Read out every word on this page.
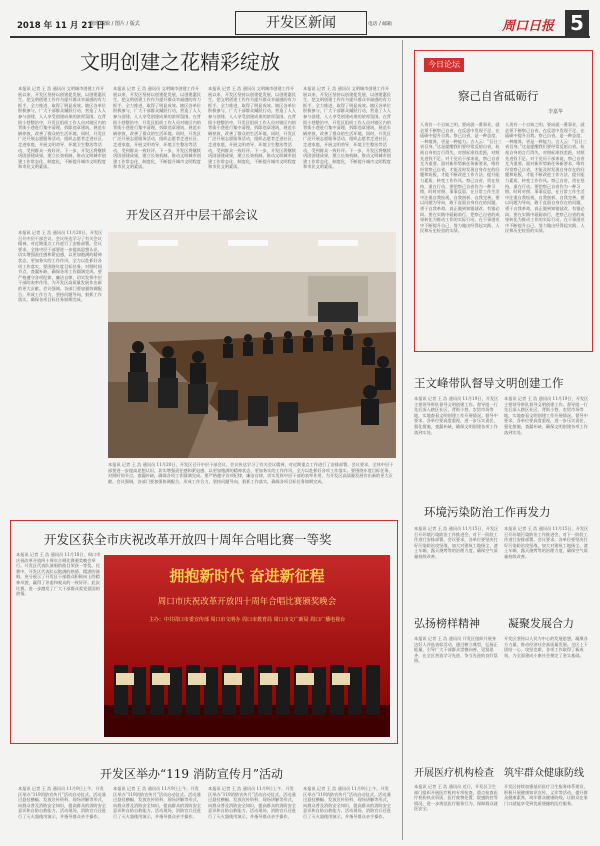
2018 年 11 月 21 日
值班编辑 / 图片 / 版式	开发区新闻	电话 / 邮箱	周口日报 5
文明创建之花精彩绽放
本报讯 记者 王 浩 通讯员 文明城市创建工作开展以来，开发区坚持以创建促发展，以创建惠民生，把文明创建工作作为提升群众幸福感的有力抓手，全力推进，取得了明显成效。辖区各单位积极参与，广大干部群众踊跃行动，营造了人人参与创建、人人享受创建成果的浓厚氛围。在背街小巷整治中，开发区组织工作人员对辖区内的背街小巷进行集中清理，拆除违章建筑，规范车辆停放，改善了群众的生活环境。同时，开发区广泛开展志愿服务活动，组织志愿者走进社区、走进家庭，开展文明劝导、环境卫生整治等活动，受到群众一致好评。下一步，开发区将继续巩固创建成果，建立长效机制，推动文明城市创建工作常态化、制度化，不断提升城市文明程度和市民文明素质。
本报讯 记者 王 浩 通讯员 文明城市创建工作开展以来，开发区坚持以创建促发展，以创建惠民生，把文明创建工作作为提升群众幸福感的有力抓手，全力推进，取得了明显成效。辖区各单位积极参与，广大干部群众踊跃行动，营造了人人参与创建、人人享受创建成果的浓厚氛围。在背街小巷整治中，开发区组织工作人员对辖区内的背街小巷进行集中清理，拆除违章建筑，规范车辆停放，改善了群众的生活环境。同时，开发区广泛开展志愿服务活动，组织志愿者走进社区、走进家庭，开展文明劝导、环境卫生整治等活动，受到群众一致好评。下一步，开发区将继续巩固创建成果，建立长效机制，推动文明城市创建工作常态化、制度化，不断提升城市文明程度和市民文明素质。
本报讯 记者 王 浩 通讯员 文明城市创建工作开展以来，开发区坚持以创建促发展，以创建惠民生，把文明创建工作作为提升群众幸福感的有力抓手，全力推进，取得了明显成效。辖区各单位积极参与，广大干部群众踊跃行动，营造了人人参与创建、人人享受创建成果的浓厚氛围。在背街小巷整治中，开发区组织工作人员对辖区内的背街小巷进行集中清理，拆除违章建筑，规范车辆停放，改善了群众的生活环境。同时，开发区广泛开展志愿服务活动，组织志愿者走进社区、走进家庭，开展文明劝导、环境卫生整治等活动，受到群众一致好评。下一步，开发区将继续巩固创建成果，建立长效机制，推动文明城市创建工作常态化、制度化，不断提升城市文明程度和市民文明素质。
本报讯 记者 王 浩 通讯员 文明城市创建工作开展以来，开发区坚持以创建促发展，以创建惠民生，把文明创建工作作为提升群众幸福感的有力抓手，全力推进，取得了明显成效。辖区各单位积极参与，广大干部群众踊跃行动，营造了人人参与创建、人人享受创建成果的浓厚氛围。在背街小巷整治中，开发区组织工作人员对辖区内的背街小巷进行集中清理，拆除违章建筑，规范车辆停放，改善了群众的生活环境。同时，开发区广泛开展志愿服务活动，组织志愿者走进社区、走进家庭，开展文明劝导、环境卫生整治等活动，受到群众一致好评。下一步，开发区将继续巩固创建成果，建立长效机制，推动文明城市创建工作常态化、制度化，不断提升城市文明程度和市民文明素质。
开发区召开中层干部会议
本报讯 记者 王 浩 通讯员 11月20日，开发区召开中层干部会议。会议传达学习了有关会议精神，对近期重点工作进行了安排部署。会议要求，全体中层干部要进一步提高思想认识，切实增强责任感和紧迫感，以更加饱满的精神状态、更加务实的工作作风，全力以赴抓好各项工作落实。要围绕年度目标任务，对照时间节点，查漏补缺，确保各项工作圆满完成。要严格遵守各项纪律，廉洁自律，切实发挥中层干部的表率作用，为开发区高质量发展作出新的更大贡献。会议强调，各部门要加强协调配合，形成工作合力，坚持问题导向，狠抓工作落实，确保各项目标任务如期完成。
本报讯 记者 王 浩 通讯员 11月20日，开发区召开中层干部会议。会议传达学习了有关会议精神，对近期重点工作进行了安排部署。会议要求，全体中层干部要进一步提高思想认识，切实增强责任感和紧迫感，以更加饱满的精神状态、更加务实的工作作风，全力以赴抓好各项工作落实。要围绕年度目标任务，对照时间节点，查漏补缺，确保各项工作圆满完成。要严格遵守各项纪律，廉洁自律，切实发挥中层干部的表率作用，为开发区高质量发展作出新的更大贡献。会议强调，各部门要加强协调配合，形成工作合力，坚持问题导向，狠抓工作落实，确保各项目标任务如期完成。
开发区获全市庆祝改革开放四十周年合唱比赛一等奖
本报讯 记者 王 浩 通讯员 11月18日，周口市庆祝改革开放四十周年合唱比赛颁奖晚会举行。开发区代表队演唱的曲目荣获一等奖。比赛中，开发区代表队以饱满的热情、精湛的演唱，充分展示了开发区干部群众积极向上的精神风貌，赢得了评委和观众的一致好评。此次比赛，进一步激发了广大干部群众爱党爱国的热情。
拥抱新时代 奋进新征程
周口市庆祝改革开放四十周年合唱比赛颁奖晚会
主办：中共周口市委宣传部 周口市文明办 周口市教育局 周口市文广新局 周口广播电视台
开发区举办“119 消防宣传月”活动
本报讯 记者 王 浩 通讯员 11月9日上午，开发区举办“119消防宣传月”活动启动仪式。活动通过悬挂横幅、发放宣传资料、现场讲解等形式，向群众普及消防安全知识，提高群众的消防安全意识和自防自救能力。活动现场，消防官兵还进行了灭火器使用演示，并指导群众亲手操作。
本报讯 记者 王 浩 通讯员 11月9日上午，开发区举办“119消防宣传月”活动启动仪式。活动通过悬挂横幅、发放宣传资料、现场讲解等形式，向群众普及消防安全知识，提高群众的消防安全意识和自防自救能力。活动现场，消防官兵还进行了灭火器使用演示，并指导群众亲手操作。
本报讯 记者 王 浩 通讯员 11月9日上午，开发区举办“119消防宣传月”活动启动仪式。活动通过悬挂横幅、发放宣传资料、现场讲解等形式，向群众普及消防安全知识，提高群众的消防安全意识和自防自救能力。活动现场，消防官兵还进行了灭火器使用演示，并指导群众亲手操作。
本报讯 记者 王 浩 通讯员 11月9日上午，开发区举办“119消防宣传月”活动启动仪式。活动通过悬挂横幅、发放宣传资料、现场讲解等形式，向群众普及消防安全知识，提高群众的消防安全意识和自防自救能力。活动现场，消防官兵还进行了灭火器使用演示，并指导群众亲手操作。
今日论坛
察己自省砥砺行
李嘉华
人贵有一个自知之明。要成就一番事业，就必须不断察己自省，在反思中发现不足、在砥砺中提升自我。察己自省，是一种态度、一种境界，更是一种能力。古人云：“吾日三省吾身。”这是提醒我们要经常反躬自省，检视自身的言行得失，对照标准找差距，对照先进找不足。对于党员干部来说，察己自省尤为重要。面对新形势新任务新要求，唯有经常察己自省，才能及时发现自身存在的问题和短板，才能不断改进工作方法、提升能力素质、转变工作作风。察己自省，贵在坚持，重在行动。要把察己自省作为一种习惯，时时对照、事事反思，在日常工作生活中注重自我检视、自我剖析、自我完善。要以问题为导向，敢于直面自身存在的问题，勇于自我革命，真正做到知错就改、有错必纠。要在实践中砥砺前行，把察己自省的成果转化为推动工作的实际行动，在干事创业中不断提升自己，努力做出经得起实践、人民和历史检验的实绩。
人贵有一个自知之明。要成就一番事业，就必须不断察己自省，在反思中发现不足、在砥砺中提升自我。察己自省，是一种态度、一种境界，更是一种能力。古人云：“吾日三省吾身。”这是提醒我们要经常反躬自省，检视自身的言行得失，对照标准找差距，对照先进找不足。对于党员干部来说，察己自省尤为重要。面对新形势新任务新要求，唯有经常察己自省，才能及时发现自身存在的问题和短板，才能不断改进工作方法、提升能力素质、转变工作作风。察己自省，贵在坚持，重在行动。要把察己自省作为一种习惯，时时对照、事事反思，在日常工作生活中注重自我检视、自我剖析、自我完善。要以问题为导向，敢于直面自身存在的问题，勇于自我革命，真正做到知错就改、有错必纠。要在实践中砥砺前行，把察己自省的成果转化为推动工作的实际行动，在干事创业中不断提升自己，努力做出经得起实践、人民和历史检验的实绩。
王文峰带队督导文明创建工作
本报讯 记者 王 浩 通讯员 11月19日，开发区主要领导带队督导文明创建工作。督导组一行先后深入辖区社区、背街小巷、农贸市场等地，实地查看文明创建工作开展情况。督导中要求，各单位要高度重视，进一步压实责任，强化措施，查漏补缺，确保文明创建各项工作落到实处。
本报讯 记者 王 浩 通讯员 11月19日，开发区主要领导带队督导文明创建工作。督导组一行先后深入辖区社区、背街小巷、农贸市场等地，实地查看文明创建工作开展情况。督导中要求，各单位要高度重视，进一步压实责任，强化措施，查漏补缺，确保文明创建各项工作落到实处。
环境污染防治工作再发力
本报讯 记者 王 浩 通讯员 11月15日，开发区召开环境污染防治工作推进会，对下一阶段工作进行安排部署。会议要求，各单位要坚决打好污染防治攻坚战，加大对建筑工地扬尘、渣土车辆、露天烧烤等的治理力度，确保空气质量持续改善。
本报讯 记者 王 浩 通讯员 11月15日，开发区召开环境污染防治工作推进会，对下一阶段工作进行安排部署。会议要求，各单位要坚决打好污染防治攻坚战，加大对建筑工地扬尘、渣土车辆、露天烧烤等的治理力度，确保空气质量持续改善。
弘扬榜样精神	凝聚发展合力
本报讯 记者 王 浩 通讯员 开发区组织开展身边好人评选表彰活动，通过树立典型，弘扬正能量，引导广大干部群众崇德向善、见贤思齐，在全区营造学习先进、争当先进的良好氛围。
开发区坚持以人民为中心的发展思想，凝聚各方力量，推动经济社会高质量发展。全区上下团结一心，攻坚克难，各项工作取得了新成效，为全面建成小康社会奠定了坚实基础。
开展医疗机构检查 筑牢群众健康防线
本报讯 记者 王 浩 通讯员 近日，开发区卫生部门组织开展医疗机构专项检查，重点检查医疗机构执业资质、医疗废物处置、院感防控等情况，进一步规范医疗服务行为，保障群众就医安全。
开发区持续加强基层医疗卫生服务体系建设，积极开展健康知识宣传、义诊等活动，提升群众健康素养，筑牢群众健康防线，让群众在家门口就能享受到优质便捷的医疗服务。
